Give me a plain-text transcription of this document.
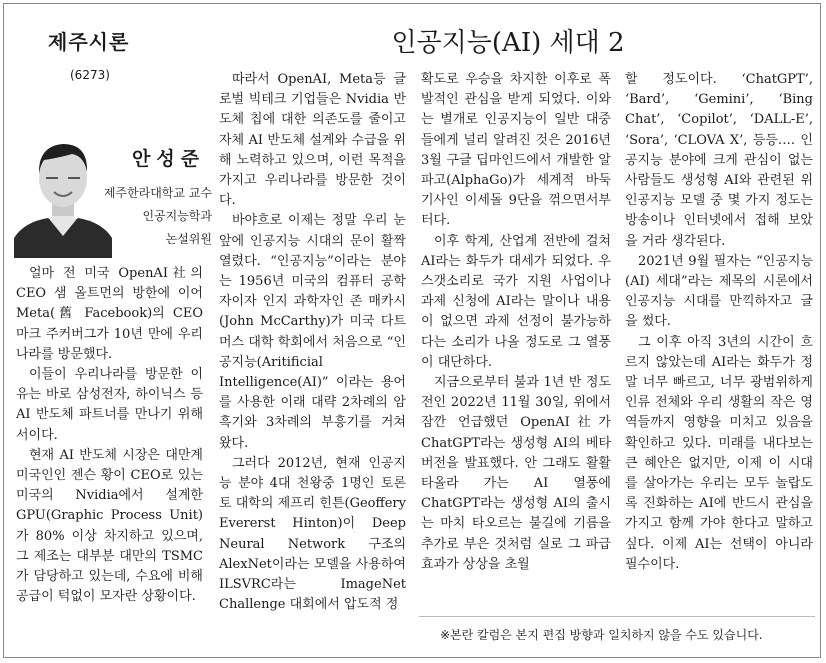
제주시론	인공지능(AI) 세대 2
(6273)
안성준
제주한라대학교 교수
인공지능학과
논설위원

얼마 전 미국 OpenAI社의 CEO 샘 올트먼의 방한에 이어 Meta(舊 Facebook)의 CEO 마크 주커버그가 10년 만에 우리나라를 방문했다.

이들이 우리나라를 방문한 이유는 바로 삼성전자, 하이닉스 등 AI 반도체 파트너를 만나기 위해서이다.

현재 AI 반도체 시장은 대만계 미국인인 젠슨 황이 CEO로 있는 미국의 Nvidia에서 설계한 GPU(Graphic Process Unit)가 80% 이상 차지하고 있으며, 그 제조는 대부분 대만의 TSMC가 담당하고 있는데, 수요에 비해 공급이 턱없이 모자란 상황이다.

따라서 OpenAI, Meta등 글로벌 빅테크 기업들은 Nvidia 반도체 칩에 대한 의존도를 줄이고 자체 AI 반도체 설계와 수급을 위해 노력하고 있으며, 이런 목적을 가지고 우리나라를 방문한 것이다.

바야흐로 이제는 정말 우리 눈앞에 인공지능 시대의 문이 활짝 열렸다. “인공지능”이라는 분야는 1956년 미국의 컴퓨터 공학자이자 인지 과학자인 존 매카시(John McCarthy)가 미국 다트머스 대학 학회에서 처음으로 “인공지능(Aritificial Intelligence(AI)” 이라는 용어를 사용한 이래 대략 2차례의 암흑기와 3차례의 부흥기를 거쳐 왔다.

그러다 2012년, 현재 인공지능 분야 4대 천왕중 1명인 토론토 대학의 제프리 힌튼(Geoffery Evererst Hinton)이 Deep Neural Network 구조의 AlexNet이라는 모델을 사용하여 ILSVRC라는 ImageNet Challenge 대회에서 압도적 정

확도로 우승을 차지한 이후로 폭발적인 관심을 받게 되었다. 이와는 별개로 인공지능이 일반 대중들에게 널리 알려진 것은 2016년 3월 구글 딥마인드에서 개발한 알파고(AlphaGo)가 세계적 바둑 기사인 이세돌 9단을 꺾으면서부터다.

이후 학계, 산업계 전반에 걸쳐 AI라는 화두가 대세가 되었다. 우스갯소리로 국가 지원 사업이나 과제 신청에 AI라는 말이나 내용이 없으면 과제 선정이 불가능하다는 소리가 나올 정도로 그 열풍이 대단하다.

지금으로부터 불과 1년 반 정도 전인 2022년 11월 30일, 위에서 잠깐 언급했던 OpenAI社가 ChatGPT라는 생성형 AI의 베타 버전을 발표했다. 안 그래도 활활 타올라 가는 AI 열풍에 ChatGPT라는 생성형 AI의 출시는 마치 타오르는 불길에 기름을 추가로 부은 것처럼 실로 그 파급 효과가 상상을 초월

할 정도이다. ‘ChatGPT’, ‘Bard’, ‘Gemini’, ‘Bing Chat’, ‘Copilot’, ‘DALL-E’, ‘Sora’, ‘CLOVA X’, 등등…. 인공지능 분야에 크게 관심이 없는 사람들도 생성형 AI와 관련된 위 인공지능 모델 중 몇 가지 정도는 방송이나 인터넷에서 접해 보았을 거라 생각된다.

2021년 9월 필자는 “인공지능(AI) 세대”라는 제목의 시론에서 인공지능 시대를 만끽하자고 글을 썼다.

그 이후 아직 3년의 시간이 흐르지 않았는데 AI라는 화두가 정말 너무 빠르고, 너무 광범위하게 인류 전체와 우리 생활의 작은 영역들까지 영향을 미치고 있음을 확인하고 있다. 미래를 내다보는 큰 혜안은 없지만, 이제 이 시대를 살아가는 우리는 모두 놀랍도록 진화하는 AI에 반드시 관심을 가지고 함께 가야 한다고 말하고 싶다. 이제 AI는 선택이 아니라 필수이다.

※본란 칼럼은 본지 편집 방향과 일치하지 않을 수도 있습니다.
